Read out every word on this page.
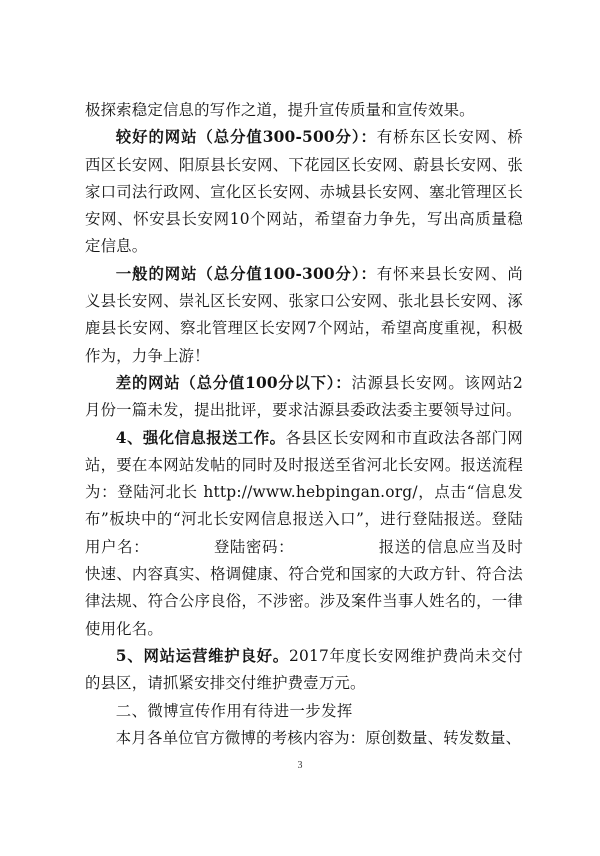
极探索稳定信息的写作之道，提升宣传质量和宣传效果。

较好的网站（总分值300-500分）：有桥东区长安网、桥西区长安网、阳原县长安网、下花园区长安网、蔚县长安网、张家口司法行政网、宣化区长安网、赤城县长安网、塞北管理区长安网、怀安县长安网10个网站，希望奋力争先，写出高质量稳定信息。

一般的网站（总分值100-300分）：有怀来县长安网、尚义县长安网、崇礼区长安网、张家口公安网、张北县长安网、涿鹿县长安网、察北管理区长安网7个网站，希望高度重视，积极作为，力争上游！

差的网站（总分值100分以下）：沽源县长安网。该网站2月份一篇未发，提出批评，要求沽源县委政法委主要领导过问。

4、强化信息报送工作。各县区长安网和市直政法各部门网站，要在本网站发帖的同时及时报送至省河北长安网。报送流程为：登陆河北长 http://www.hebpingan.org/，点击“信息发布”板块中的“河北长安网信息报送入口”，进行登陆报送。登陆用户名：	登陆密码：	报送的信息应当及时快速、内容真实、格调健康、符合党和国家的大政方针、符合法律法规、符合公序良俗，不涉密。涉及案件当事人姓名的，一律使用化名。

5、网站运营维护良好。2017年度长安网维护费尚未交付的县区，请抓紧安排交付维护费壹万元。

二、微博宣传作用有待进一步发挥

本月各单位官方微博的考核内容为：原创数量、转发数量、

3
